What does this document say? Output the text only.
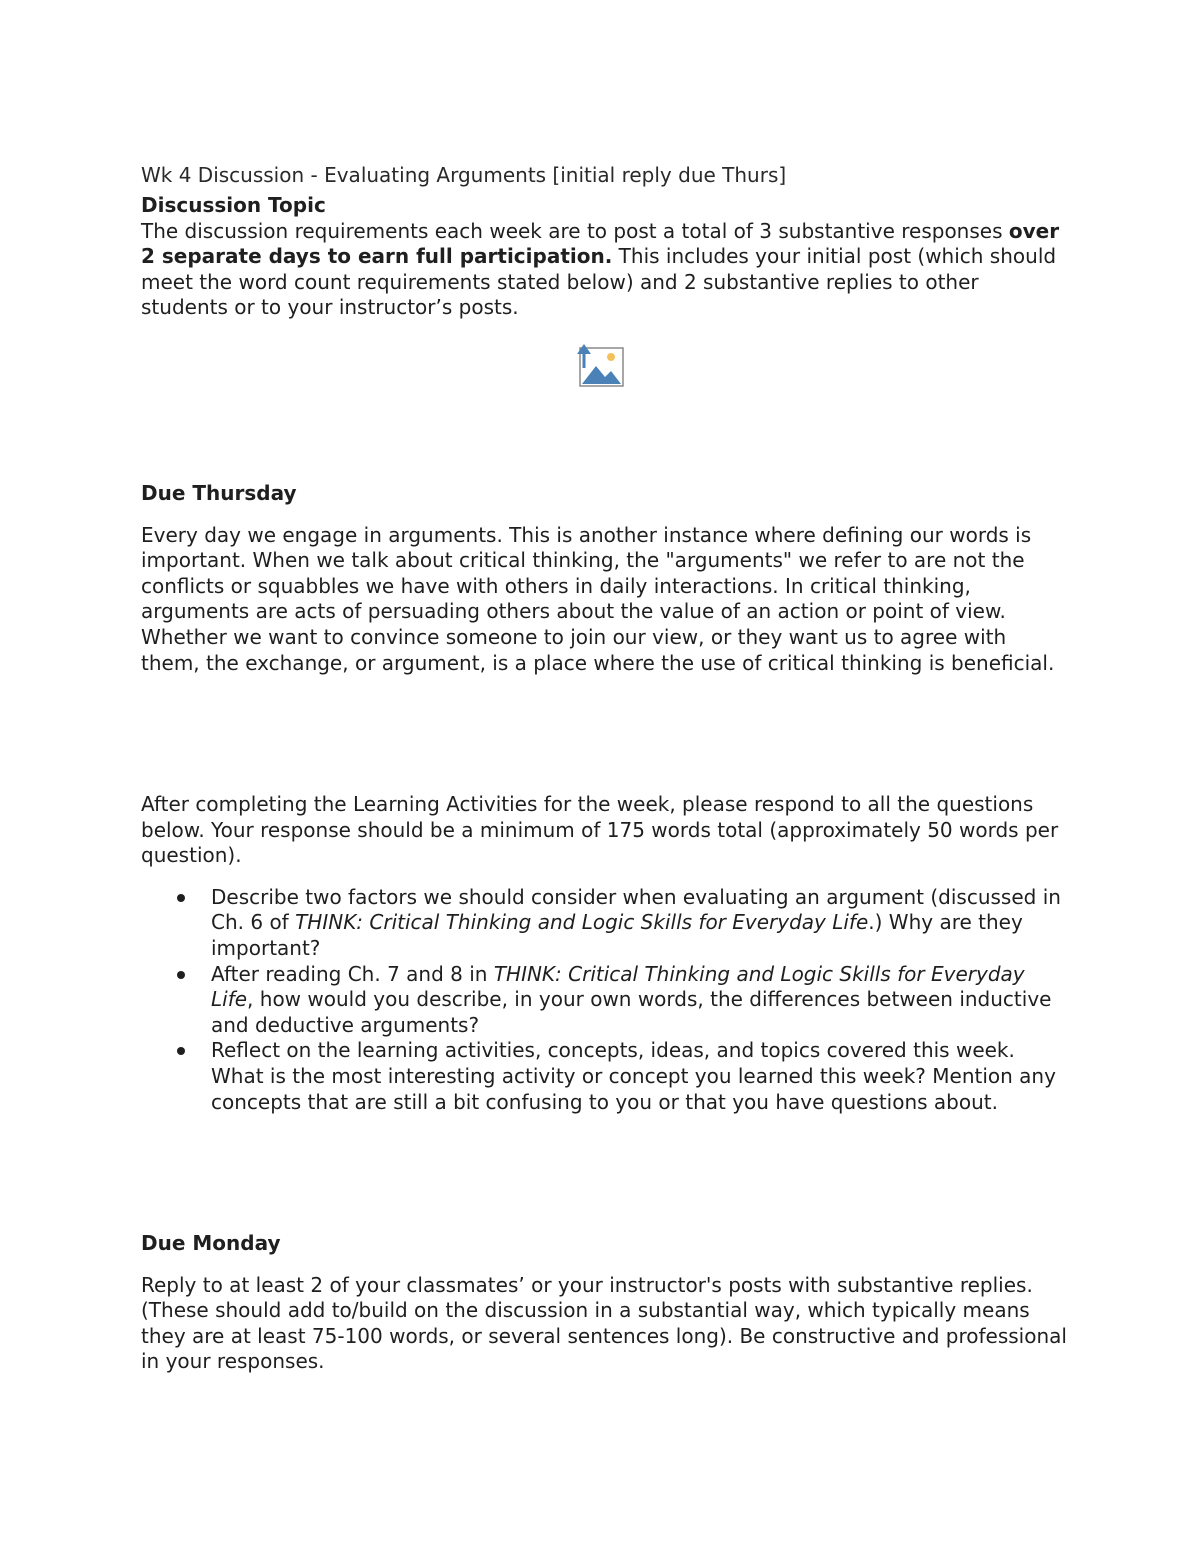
Wk 4 Discussion - Evaluating Arguments [initial reply due Thurs]

Discussion Topic

The discussion requirements each week are to post a total of 3 substantive responses over 2 separate days to earn full participation. This includes your initial post (which should meet the word count requirements stated below) and 2 substantive replies to other students or to your instructor’s posts.

Due Thursday

Every day we engage in arguments. This is another instance where defining our words is important. When we talk about critical thinking, the "arguments" we refer to are not the conflicts or squabbles we have with others in daily interactions. In critical thinking, arguments are acts of persuading others about the value of an action or point of view. Whether we want to convince someone to join our view, or they want us to agree with them, the exchange, or argument, is a place where the use of critical thinking is beneficial.

After completing the Learning Activities for the week, please respond to all the questions below. Your response should be a minimum of 175 words total (approximately 50 words per question).

Describe two factors we should consider when evaluating an argument (discussed in Ch. 6 of THINK: Critical Thinking and Logic Skills for Everyday Life.) Why are they important?
After reading Ch. 7 and 8 in THINK: Critical Thinking and Logic Skills for Everyday Life, how would you describe, in your own words, the differences between inductive and deductive arguments?
Reflect on the learning activities, concepts, ideas, and topics covered this week. What is the most interesting activity or concept you learned this week? Mention any concepts that are still a bit confusing to you or that you have questions about.

Due Monday

Reply to at least 2 of your classmates’ or your instructor's posts with substantive replies. (These should add to/build on the discussion in a substantial way, which typically means they are at least 75-100 words, or several sentences long). Be constructive and professional in your responses.
